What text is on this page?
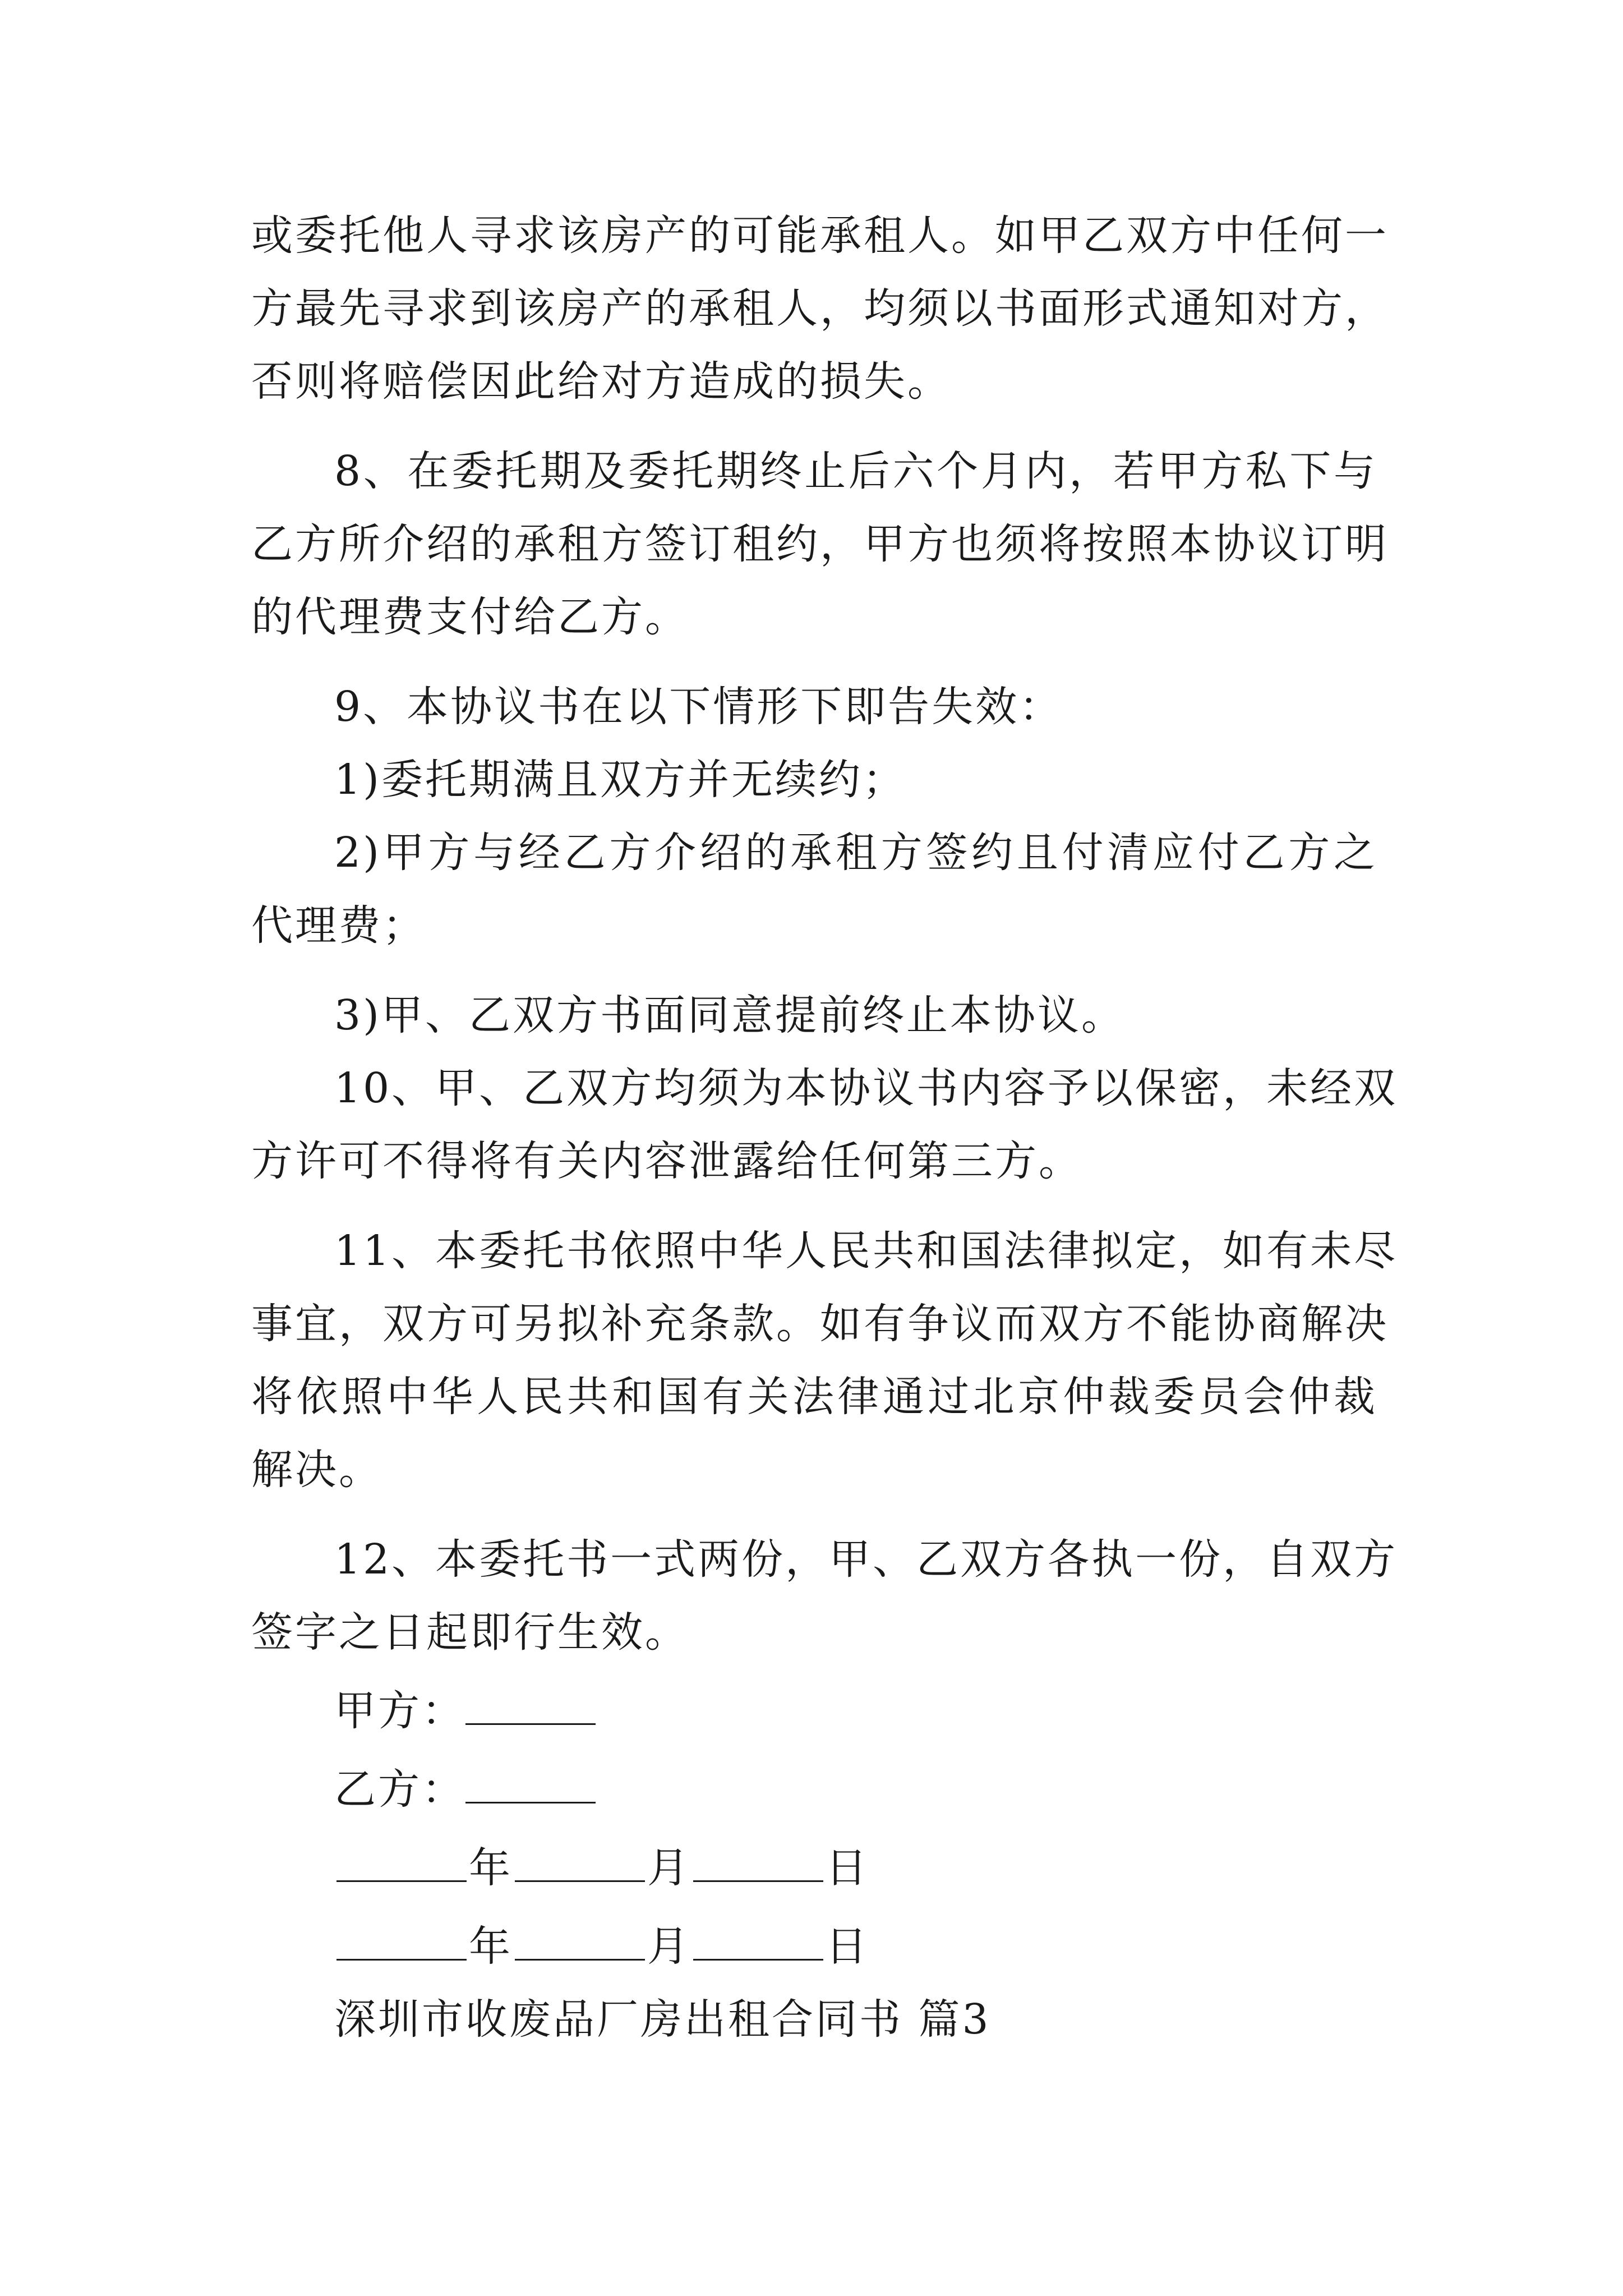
或委托他人寻求该房产的可能承租人。如甲乙双方中任何一
方最先寻求到该房产的承租人，均须以书面形式通知对方，
否则将赔偿因此给对方造成的损失。
8、在委托期及委托期终止后六个月内，若甲方私下与
乙方所介绍的承租方签订租约，甲方也须将按照本协议订明
的代理费支付给乙方。
9、本协议书在以下情形下即告失效：
1)委托期满且双方并无续约；
2)甲方与经乙方介绍的承租方签约且付清应付乙方之
代理费；
3)甲、乙双方书面同意提前终止本协议。
10、甲、乙双方均须为本协议书内容予以保密，未经双
方许可不得将有关内容泄露给任何第三方。
11、本委托书依照中华人民共和国法律拟定，如有未尽
事宜，双方可另拟补充条款。如有争议而双方不能协商解决
将依照中华人民共和国有关法律通过北京仲裁委员会仲裁
解决。
12、本委托书一式两份，甲、乙双方各执一份，自双方
签字之日起即行生效。
甲方：
乙方：
年	月	日
年	月	日
深圳市收废品厂房出租合同书 篇3
